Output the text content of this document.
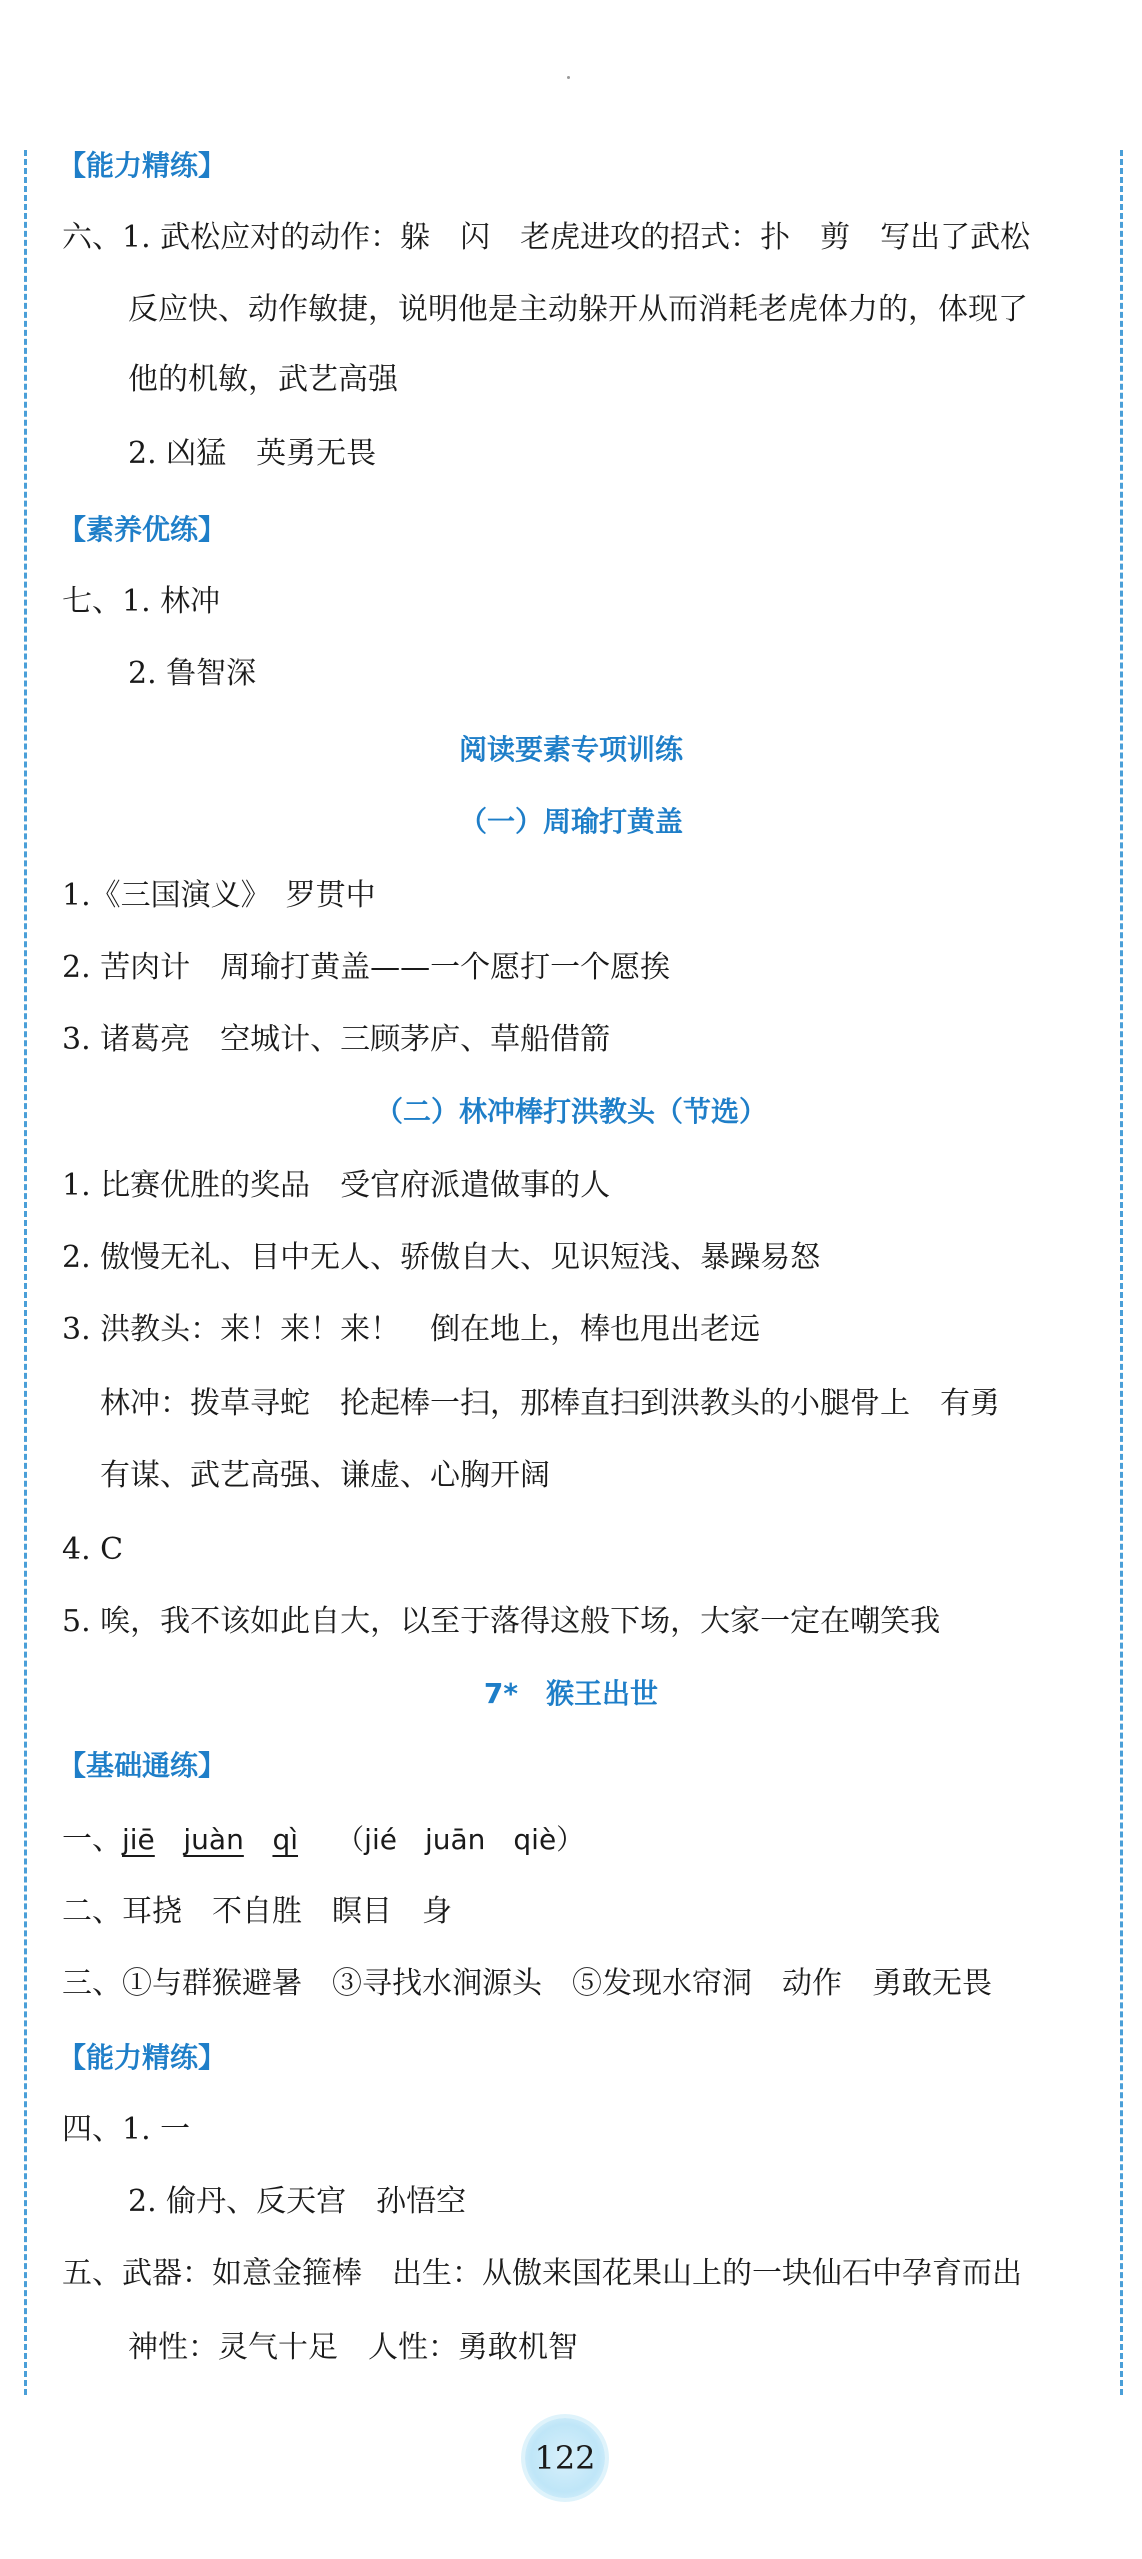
【能力精练】
六、1. 武松应对的动作：躲　闪　老虎进攻的招式：扑　剪　写出了武松
反应快、动作敏捷，说明他是主动躲开从而消耗老虎体力的，体现了
他的机敏，武艺高强
2. 凶猛　英勇无畏
【素养优练】
七、1. 林冲
2. 鲁智深
阅读要素专项训练
（一）周瑜打黄盖
1.《三国演义》　罗贯中
2. 苦肉计　周瑜打黄盖——一个愿打一个愿挨
3. 诸葛亮　空城计、三顾茅庐、草船借箭
（二）林冲棒打洪教头（节选）
1. 比赛优胜的奖品　受官府派遣做事的人
2. 傲慢无礼、目中无人、骄傲自大、见识短浅、暴躁易怒
3. 洪教头：来！来！来！　倒在地上，棒也甩出老远
林冲：拨草寻蛇　抡起棒一扫，那棒直扫到洪教头的小腿骨上　有勇
有谋、武艺高强、谦虚、心胸开阔
4. C
5. 唉，我不该如此自大，以至于落得这般下场，大家一定在嘲笑我
7*　猴王出世
【基础通练】
一、jiē juàn qì （jié　juān　qiè）
二、耳挠　不自胜　瞑目　身
三、①与群猴避暑　③寻找水涧源头　⑤发现水帘洞　动作　勇敢无畏
【能力精练】
四、1. 一
2. 偷丹、反天宫　孙悟空
五、武器：如意金箍棒　出生：从傲来国花果山上的一块仙石中孕育而出
神性：灵气十足　人性：勇敢机智
122
